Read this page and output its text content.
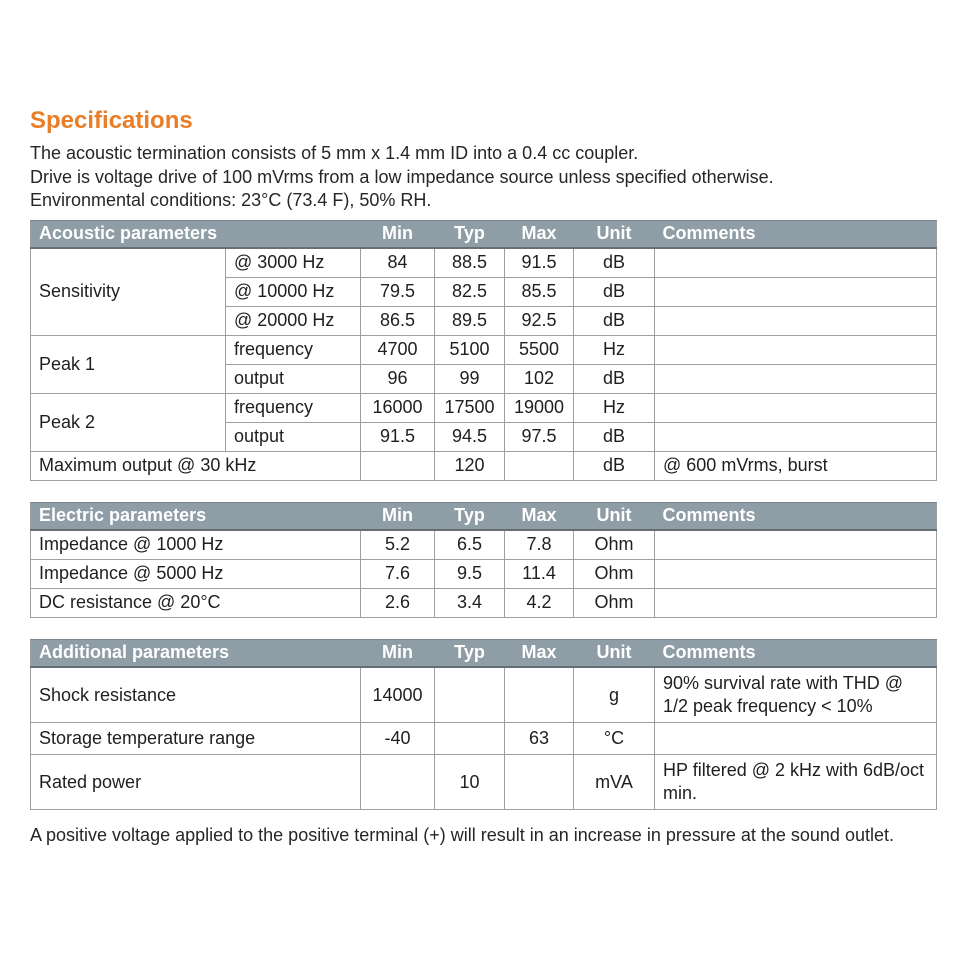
Specifications

The acoustic termination consists of 5 mm x 1.4 mm ID into a 0.4 cc coupler.

Drive is voltage drive of 100 mVrms from a low impedance source unless specified otherwise.

Environmental conditions: 23°C (73.4 F), 50% RH.

Acoustic parameters		Min	Typ	Max	Unit	Comments
Sensitivity	@ 3000 Hz	84	88.5	91.5	dB	
	@ 10000 Hz	79.5	82.5	85.5	dB	
	@ 20000 Hz	86.5	89.5	92.5	dB	
Peak 1	frequency	4700	5100	5500	Hz	
	output	96	99	102	dB	
Peak 2	frequency	16000	17500	19000	Hz	
	output	91.5	94.5	97.5	dB	
Maximum output @ 30 kHz			120		dB	@ 600 mVrms, burst
Electric parameters	Min	Typ	Max	Unit	Comments
Impedance @ 1000 Hz	5.2	6.5	7.8	Ohm	
Impedance @ 5000 Hz	7.6	9.5	11.4	Ohm	
DC resistance @ 20°C	2.6	3.4	4.2	Ohm	
Additional parameters	Min	Typ	Max	Unit	Comments
Shock resistance	14000			g	90% survival rate with THD @ 1/2 peak frequency < 10%
Storage temperature range	-40		63	°C	
Rated power		10		mVA	HP filtered @ 2 kHz with 6dB/oct min.

A positive voltage applied to the positive terminal (+) will result in an increase in pressure at the sound outlet.
